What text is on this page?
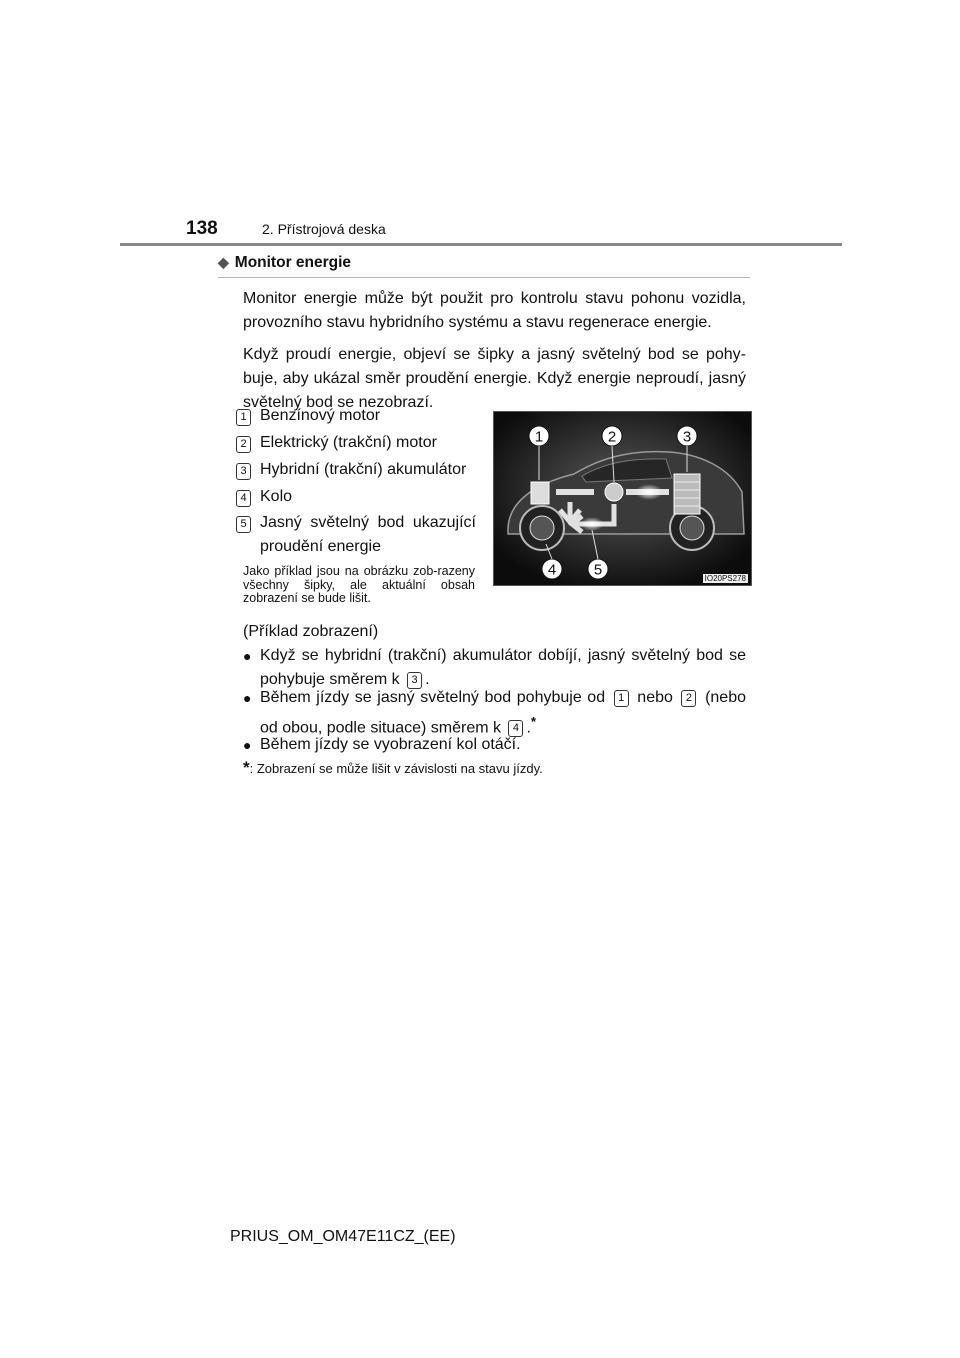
138	2. Přístrojová deska
◆ Monitor energie
Monitor energie může být použit pro kontrolu stavu pohonu vozidla, provozního stavu hybridního systému a stavu regenerace energie.
Když proudí energie, objeví se šipky a jasný světelný bod se pohy-buje, aby ukázal směr proudění energie. Když energie neproudí, jasný světelný bod se nezobrazí.
1 Benzínový motor
2 Elektrický (trakční) motor
3 Hybridní (trakční) akumulátor
4 Kolo
5 Jasný světelný bod ukazující proudění energie
Jako příklad jsou na obrázku zob-razeny všechny šipky, ale aktuální obsah zobrazení se bude lišit.
1	2	3
4	5	IO20PS278
(Příklad zobrazení)
● Když se hybridní (trakční) akumulátor dobíjí, jasný světelný bod se pohybuje směrem k 3 .
● Během jízdy se jasný světelný bod pohybuje od 1 nebo 2 (nebo od obou, podle situace) směrem k 4 .*
● Během jízdy se vyobrazení kol otáčí.
*: Zobrazení se může lišit v závislosti na stavu jízdy.
PRIUS_OM_OM47E11CZ_(EE)
